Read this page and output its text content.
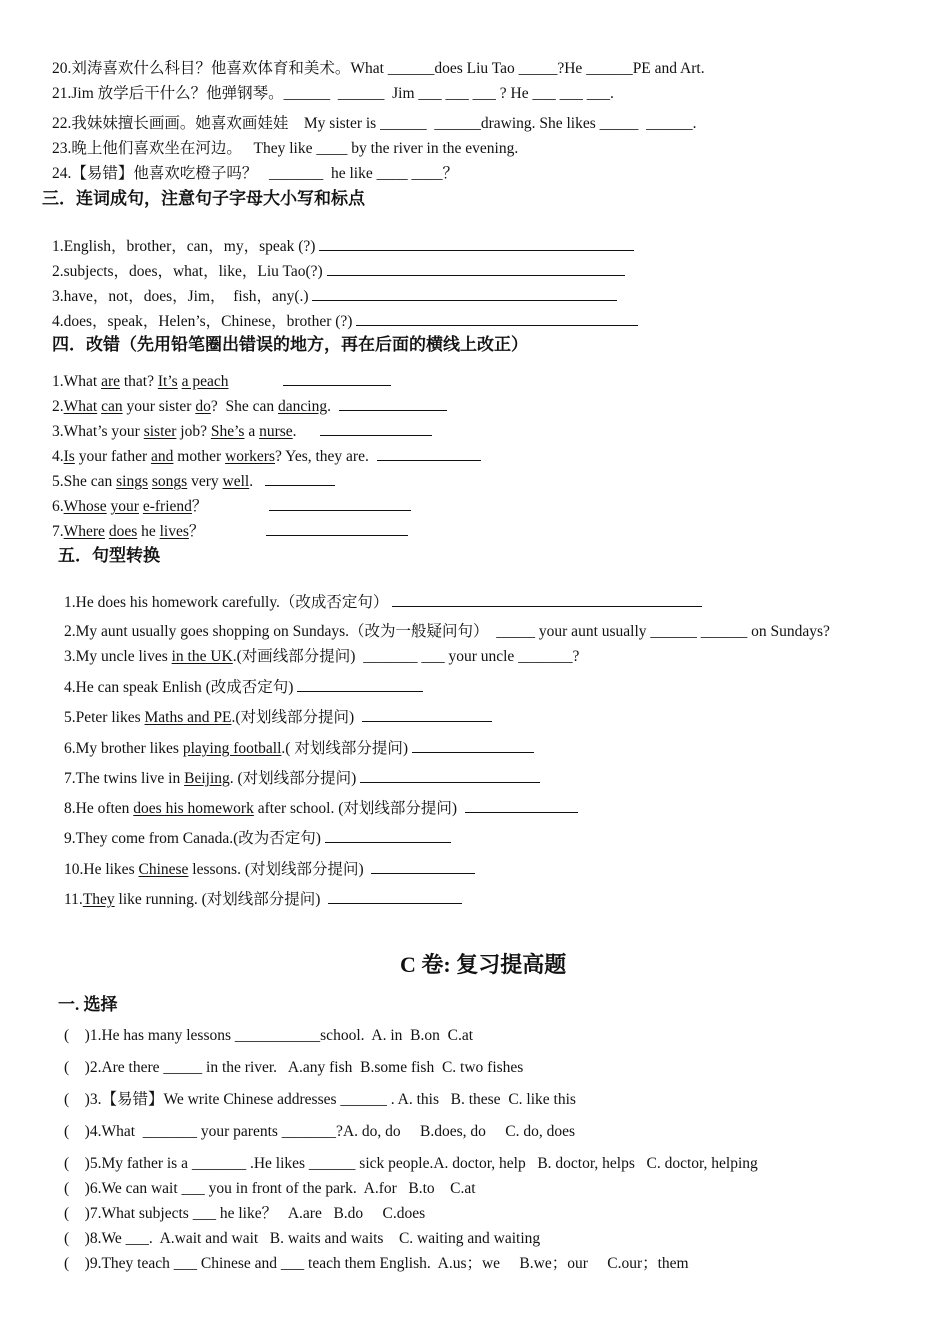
20.刘涛喜欢什么科目？他喜欢体育和美术。What ______does Liu Tao _____?He ______PE and Art.
21.Jim 放学后干什么？他弹钢琴。______  ______  Jim ___ ___ ___ ? He ___ ___ ___.
22.我妹妹擅长画画。她喜欢画娃娃    My sister is ______  ______drawing. She likes _____  ______.
23.晚上他们喜欢坐在河边。   They like ____ by the river in the evening.
24.【易错】他喜欢吃橙子吗？   _______  he like ____ ____？
三．连词成句，注意句子字母大小写和标点
1.English，brother，can，my，speak (?)
2.subjects，does，what，like，Liu Tao(?)
3.have，not，does，Jim，  fish，any(.)
4.does，speak，Helen’s，Chinese，brother (?)
四．改错（先用铅笔圈出错误的地方，再在后面的横线上改正）
五．句型转换
C 卷: 复习提高题
一. 选择
1.What are that? It’s a peach
2.What can your sister do?  She can dancing.
3.What’s your sister job? She’s a nurse.
4.Is your father and mother workers? Yes, they are.
5.She can sings songs very well.
6.Whose your e-friend？
7.Where does he lives？
1.He does his homework carefully.（改成否定句）
2.My aunt usually goes shopping on Sundays.（改为一般疑问句）  _____ your aunt usually ______ ______ on Sundays?
3.My uncle lives in the UK.(对画线部分提问)  _______ ___ your uncle _______?
4.He can speak Enlish (改成否定句)
5.Peter likes Maths and PE.(对划线部分提问)
6.My brother likes playing football.( 对划线部分提问)
7.The twins live in Beijing. (对划线部分提问)
8.He often does his homework after school. (对划线部分提问)
9.They come from Canada.(改为否定句)
10.He likes Chinese lessons. (对划线部分提问)
11.They like running. (对划线部分提问)
(    )1.He has many lessons ___________school.  A. in  B.on  C.at
(    )2.Are there _____ in the river.   A.any fish  B.some fish  C. two fishes
(    )3.【易错】We write Chinese addresses ______ . A. this   B. these  C. like this
(    )4.What  _______ your parents _______?A. do, do     B.does, do     C. do, does
(    )5.My father is a _______ .He likes ______ sick people.A. doctor, help   B. doctor, helps   C. doctor, helping
(    )6.We can wait ___ you in front of the park.  A.for   B.to    C.at
(    )7.What subjects ___ he like？   A.are   B.do     C.does
(    )8.We ___.  A.wait and wait   B. waits and waits    C. waiting and waiting
(    )9.They teach ___ Chinese and ___ teach them English.  A.us；we     B.we；our     C.our；them
